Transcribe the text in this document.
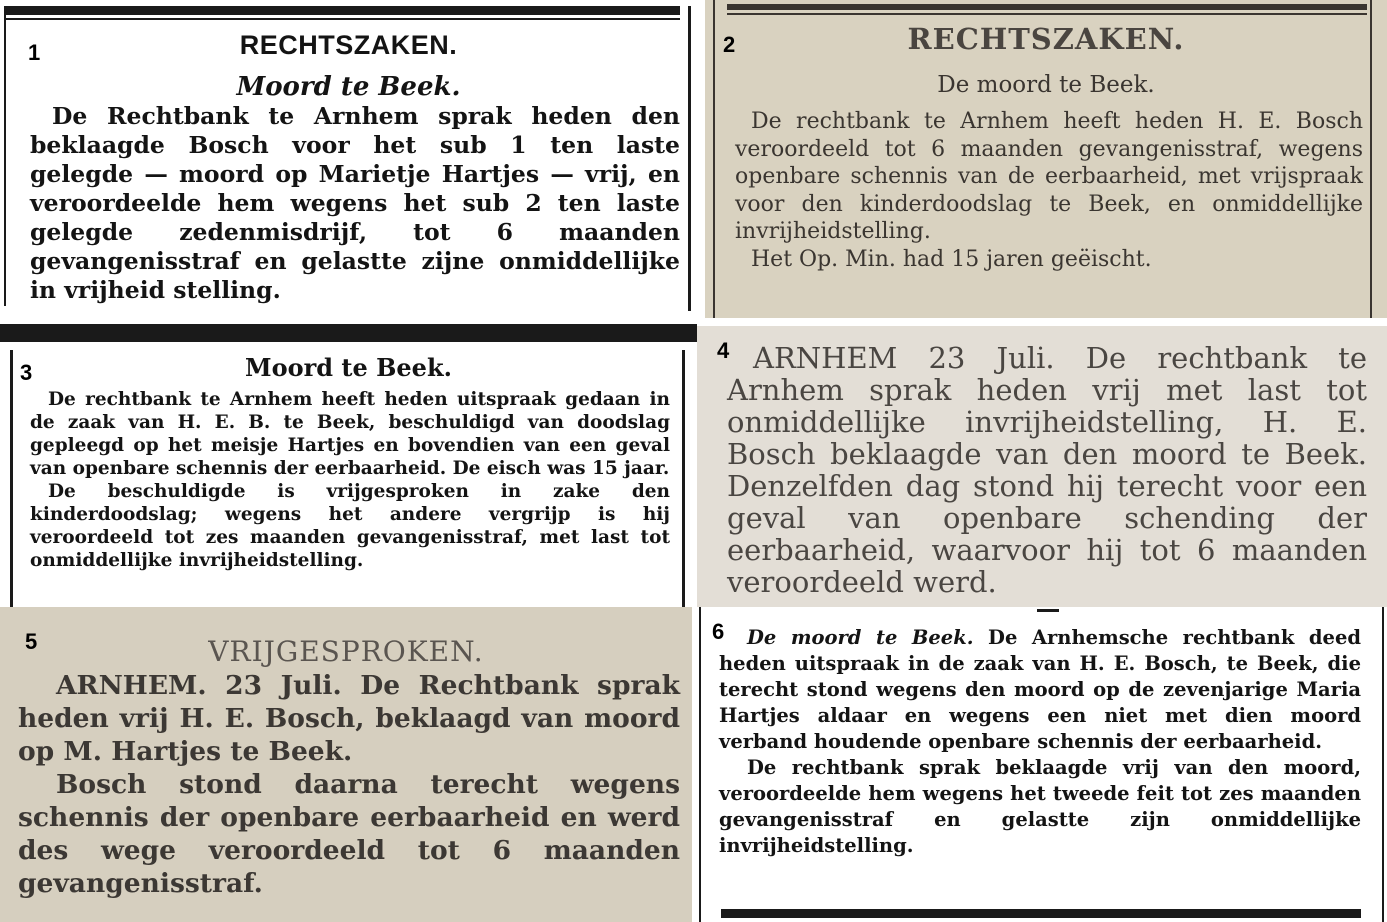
1	RECHTSZAKEN.
Moord te Beek.

De Rechtbank te Arnhem sprak heden den beklaagde Bosch voor het sub 1 ten laste gelegde — moord op Marietje Hartjes — vrij, en veroordeelde hem wegens het sub 2 ten laste gelegde zedenmisdrijf, tot 6 maanden gevangenisstraf en gelastte zijne onmiddellijke in vrijheid stelling.

2	RECHTSZAKEN.
De moord te Beek.

De rechtbank te Arnhem heeft heden H. E. Bosch veroordeeld tot 6 maanden gevangenisstraf, wegens openbare schennis van de eerbaarheid, met vrijspraak voor den kinderdoodslag te Beek, en onmiddellijke invrijheidstelling.

Het Op. Min. had 15 jaren geëischt.

3	Moord te Beek.

De rechtbank te Arnhem heeft heden uitspraak gedaan in de zaak van H. E. B. te Beek, beschuldigd van doodslag gepleegd op het meisje Hartjes en bovendien van een geval van openbare schennis der eerbaarheid. De eisch was 15 jaar.

De beschuldigde is vrijgesproken in zake den kinderdoodslag; wegens het andere vergrijp is hij veroordeeld tot zes maanden gevangenisstraf, met last tot onmiddellijke invrijheidstelling.

4 ARNHEM 23 Juli. De rechtbank te Arnhem sprak heden vrij met last tot onmiddellijke invrijheidstelling, H. E. Bosch beklaagde van den moord te Beek. Denzelfden dag stond hij terecht voor een geval van openbare schending der eerbaarheid, waarvoor hij tot 6 maanden veroordeeld werd.

5	VRIJGESPROKEN.

ARNHEM. 23 Juli. De Rechtbank sprak heden vrij H. E. Bosch, beklaagd van moord op M. Hartjes te Beek.

Bosch stond daarna terecht wegens schennis der openbare eerbaarheid en werd des wege veroordeeld tot 6 maanden gevangenisstraf.

6	De moord te Beek. De Arnhemsche rechtbank deed heden uitspraak in de zaak van H. E. Bosch, te Beek, die terecht stond wegens den moord op de zevenjarige Maria Hartjes aldaar en wegens een niet met dien moord verband houdende openbare schennis der eerbaarheid.

De rechtbank sprak beklaagde vrij van den moord, veroordeelde hem wegens het tweede feit tot zes maanden gevangenisstraf en gelastte zijn onmiddellijke invrijheidstelling.
